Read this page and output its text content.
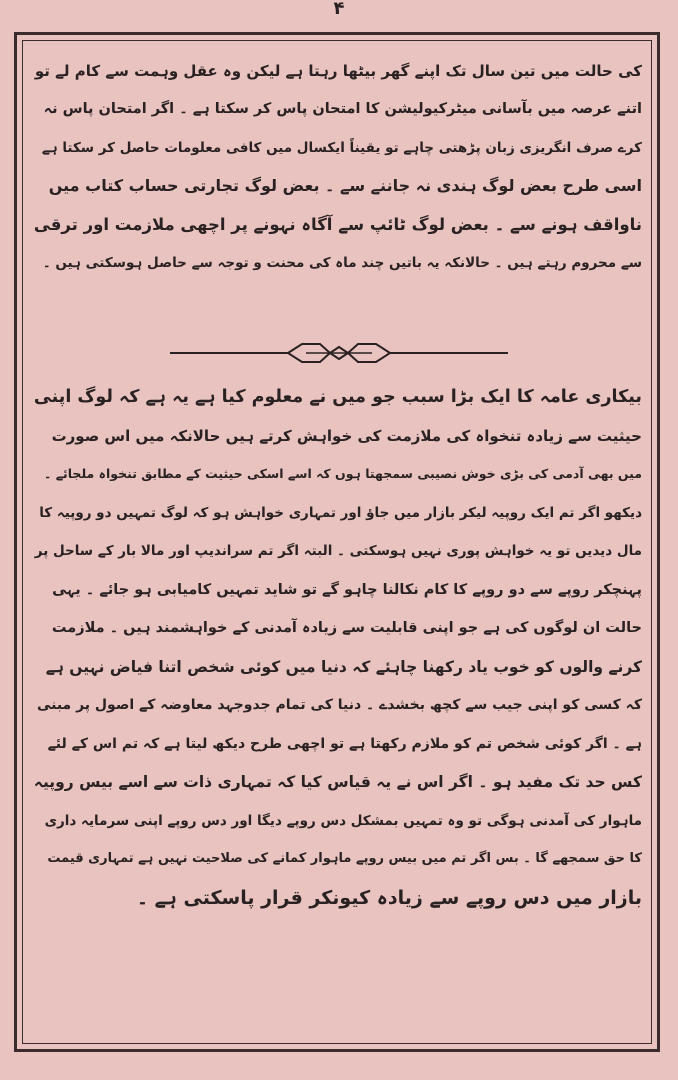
۴
کی حالت میں تین سال تک اپنے گھر بیٹھا رہتا ہے لیکن وہ عقل وہمت سے کام لے تو
اتنے عرصہ میں بآسانی میٹرکیولیشن کا امتحان پاس کر سکتا ہے ۔ اگر امتحان پاس نہ
کرے صرف انگریزی زبان پڑھتی چاہے تو یقیناً ایکسال میں کافی معلومات حاصل کر سکتا ہے
اسی طرح بعض لوگ ہندی نہ جاننے سے ۔ بعض لوگ تجارتی حساب کتاب میں
ناواقف ہونے سے ۔ بعض لوگ ٹائپ سے آگاہ نہونے پر اچھی ملازمت اور ترقی
سے محروم رہتے ہیں ۔ حالانکہ یہ باتیں چند ماہ کی محنت و توجہ سے حاصل ہوسکتی ہیں ۔
بیکاری عامہ کا ایک بڑا سبب جو میں نے معلوم کیا ہے یہ ہے کہ لوگ اپنی
حیثیت سے زیادہ تنخواہ کی ملازمت کی خواہش کرتے ہیں حالانکہ میں اس صورت
میں بھی آدمی کی بڑی خوش نصیبی سمجھتا ہوں کہ اسے اسکی حیثیت کے مطابق تنخواہ ملجائے ۔
دیکھو اگر تم ایک روپیہ لیکر بازار میں جاؤ اور تمہاری خواہش ہو کہ لوگ تمہیں دو روپیہ کا
مال دیدیں تو یہ خواہش پوری نہیں ہوسکتی ۔ البتہ اگر تم سراندیپ اور مالا بار کے ساحل پر
پہنچکر روپے سے دو روپے کا کام نکالنا چاہو گے تو شاید تمہیں کامیابی ہو جائے ۔ یہی
حالت ان لوگوں کی ہے جو اپنی قابلیت سے زیادہ آمدنی کے خواہشمند ہیں ۔ ملازمت
کرنے والوں کو خوب یاد رکھنا چاہئے کہ دنیا میں کوئی شخص اتنا فیاض نہیں ہے
کہ کسی کو اپنی جیب سے کچھ بخشدے ۔ دنیا کی تمام جدوجہد معاوضہ کے اصول پر مبنی
ہے ۔ اگر کوئی شخص تم کو ملازم رکھتا ہے تو اچھی طرح دیکھ لیتا ہے کہ تم اس کے لئے
کس حد تک مفید ہو ۔ اگر اس نے یہ قیاس کیا کہ تمہاری ذات سے اسے بیس روپیہ
ماہوار کی آمدنی ہوگی تو وہ تمہیں بمشکل دس روپے دیگا اور دس روپے اپنی سرمایہ داری
کا حق سمجھے گا ۔ بس اگر تم میں بیس روپے ماہوار کمانے کی صلاحیت نہیں ہے تمہاری قیمت
بازار میں دس روپے سے زیادہ کیونکر قرار پاسکتی ہے ۔
